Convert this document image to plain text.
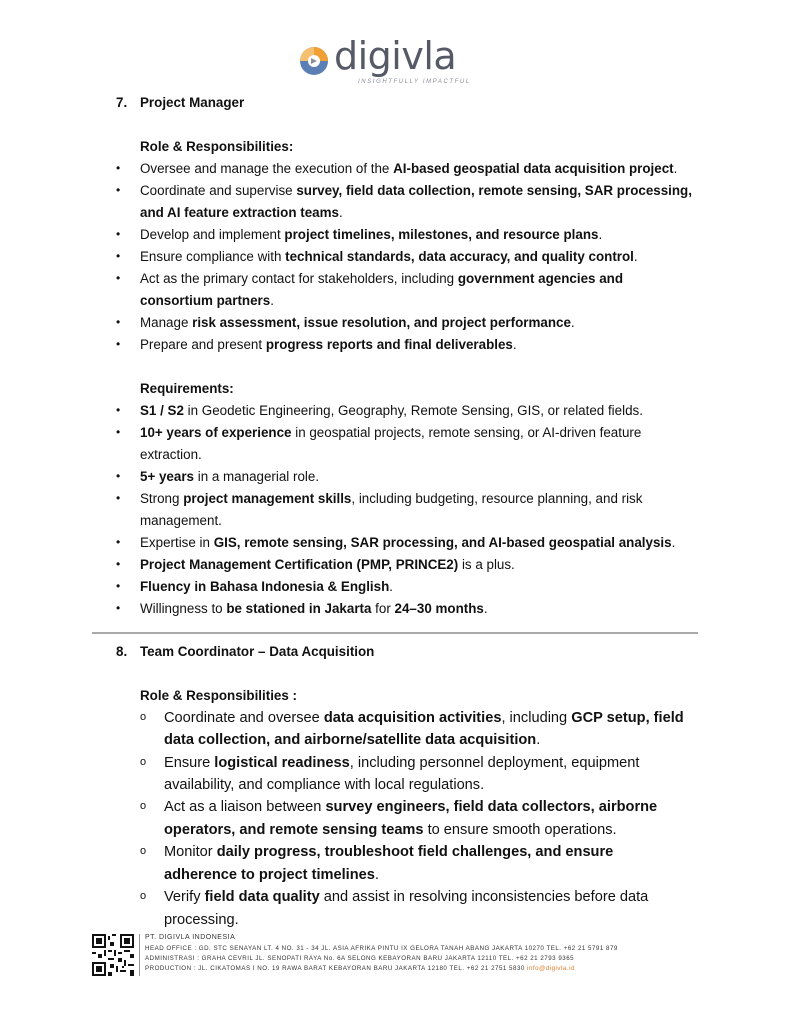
digivla
INSIGHTFULLY IMPACTFUL
7. Project Manager
Role & Responsibilities:
• Oversee and manage the execution of the AI-based geospatial data acquisition project.
• Coordinate and supervise survey, field data collection, remote sensing, SAR processing,
and AI feature extraction teams.
• Develop and implement project timelines, milestones, and resource plans.
• Ensure compliance with technical standards, data accuracy, and quality control.
• Act as the primary contact for stakeholders, including government agencies and
consortium partners.
• Manage risk assessment, issue resolution, and project performance.
• Prepare and present progress reports and final deliverables.
Requirements:
• S1 / S2 in Geodetic Engineering, Geography, Remote Sensing, GIS, or related fields.
• 10+ years of experience in geospatial projects, remote sensing, or AI-driven feature
extraction.
• 5+ years in a managerial role.
• Strong project management skills, including budgeting, resource planning, and risk
management.
• Expertise in GIS, remote sensing, SAR processing, and AI-based geospatial analysis.
• Project Management Certification (PMP, PRINCE2) is a plus.
• Fluency in Bahasa Indonesia & English.
• Willingness to be stationed in Jakarta for 24–30 months.
8. Team Coordinator – Data Acquisition
Role & Responsibilities :
o Coordinate and oversee data acquisition activities, including GCP setup, field
data collection, and airborne/satellite data acquisition.
o Ensure logistical readiness, including personnel deployment, equipment
availability, and compliance with local regulations.
o Act as a liaison between survey engineers, field data collectors, airborne
operators, and remote sensing teams to ensure smooth operations.
o Monitor daily progress, troubleshoot field challenges, and ensure
adherence to project timelines.
o Verify field data quality and assist in resolving inconsistencies before data
processing.
PT. DIGIVLA INDONESIA
HEAD OFFICE : GD. STC SENAYAN LT. 4 NO. 31 - 34 JL. ASIA AFRIKA PINTU IX GELORA TANAH ABANG JAKARTA 10270 TEL. +62 21 5791 879
ADMINISTRASI : GRAHA CEVRIL JL. SENOPATI RAYA No. 6A SELONG KEBAYORAN BARU JAKARTA 12110 TEL. +62 21 2793 9365
PRODUCTION : JL. CIKATOMAS I NO. 19 RAWA BARAT KEBAYORAN BARU JAKARTA 12180 TEL. +62 21 2751 5830 info@digivla.id
